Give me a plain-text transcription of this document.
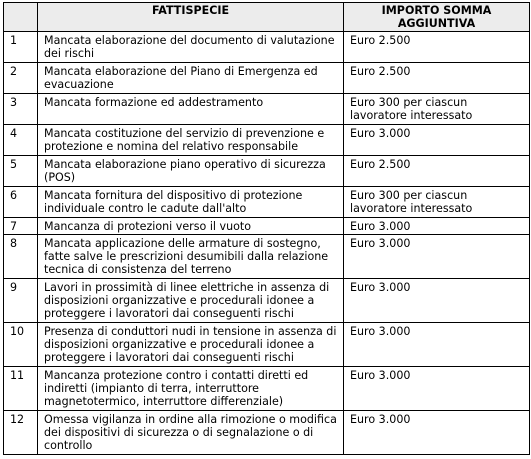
	FATTISPECIE	IMPORTO SOMMA AGGIUNTIVA
1	Mancata elaborazione del documento di valutazione dei rischi	Euro 2.500
2	Mancata elaborazione del Piano di Emergenza ed evacuazione	Euro 2.500
3	Mancata formazione ed addestramento	Euro 300 per ciascun lavoratore interessato
4	Mancata costituzione del servizio di prevenzione e protezione e nomina del relativo responsabile	Euro 3.000
5	Mancata elaborazione piano operativo di sicurezza (POS)	Euro 2.500
6	Mancata fornitura del dispositivo di protezione individuale contro le cadute dall'alto	Euro 300 per ciascun lavoratore interessato
7	Mancanza di protezioni verso il vuoto	Euro 3.000
8	Mancata applicazione delle armature di sostegno, fatte salve le prescrizioni desumibili dalla relazione tecnica di consistenza del terreno	Euro 3.000
9	Lavori in prossimità di linee elettriche in assenza di disposizioni organizzative e procedurali idonee a proteggere i lavoratori dai conseguenti rischi	Euro 3.000
10	Presenza di conduttori nudi in tensione in assenza di disposizioni organizzative e procedurali idonee a proteggere i lavoratori dai conseguenti rischi	Euro 3.000
11	Mancanza protezione contro i contatti diretti ed indiretti (impianto di terra, interruttore magnetotermico, interruttore differenziale)	Euro 3.000
12	Omessa vigilanza in ordine alla rimozione o modifica dei dispositivi di sicurezza o di segnalazione o di controllo	Euro 3.000
